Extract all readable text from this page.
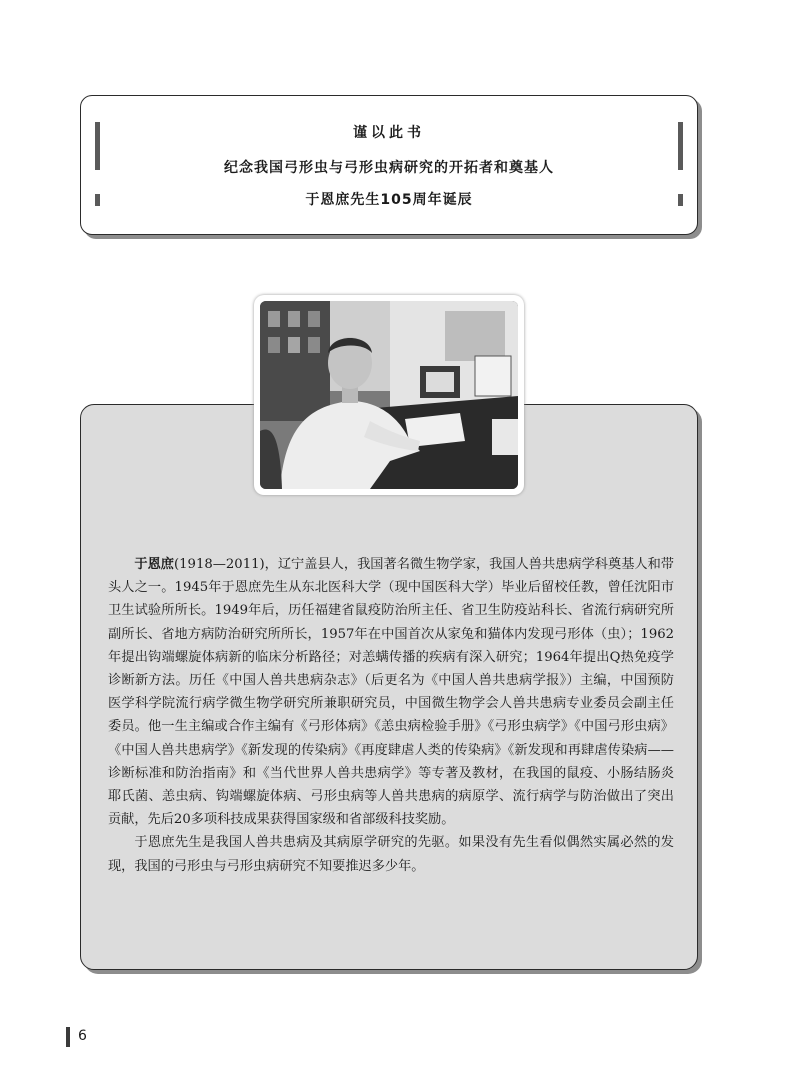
谨以此书
纪念我国弓形虫与弓形虫病研究的开拓者和奠基人
于恩庶先生105周年诞辰

于恩庶(1918—2011)，辽宁盖县人，我国著名微生物学家，我国人兽共患病学科奠基人和带头人之一。1945年于恩庶先生从东北医科大学（现中国医科大学）毕业后留校任教，曾任沈阳市卫生试验所所长。1949年后，历任福建省鼠疫防治所主任、省卫生防疫站科长、省流行病研究所副所长、省地方病防治研究所所长，1957年在中国首次从家兔和猫体内发现弓形体（虫）；1962年提出钩端螺旋体病新的临床分析路径；对恙螨传播的疾病有深入研究；1964年提出Q热免疫学诊断新方法。历任《中国人兽共患病杂志》（后更名为《中国人兽共患病学报》）主编，中国预防医学科学院流行病学微生物学研究所兼职研究员，中国微生物学会人兽共患病专业委员会副主任委员。他一生主编或合作主编有《弓形体病》《恙虫病检验手册》《弓形虫病学》《中国弓形虫病》《中国人兽共患病学》《新发现的传染病》《再度肆虐人类的传染病》《新发现和再肆虐传染病——诊断标准和防治指南》和《当代世界人兽共患病学》等专著及教材，在我国的鼠疫、小肠结肠炎耶氏菌、恙虫病、钩端螺旋体病、弓形虫病等人兽共患病的病原学、流行病学与防治做出了突出贡献，先后20多项科技成果获得国家级和省部级科技奖励。

于恩庶先生是我国人兽共患病及其病原学研究的先驱。如果没有先生看似偶然实属必然的发现，我国的弓形虫与弓形虫病研究不知要推迟多少年。

6
